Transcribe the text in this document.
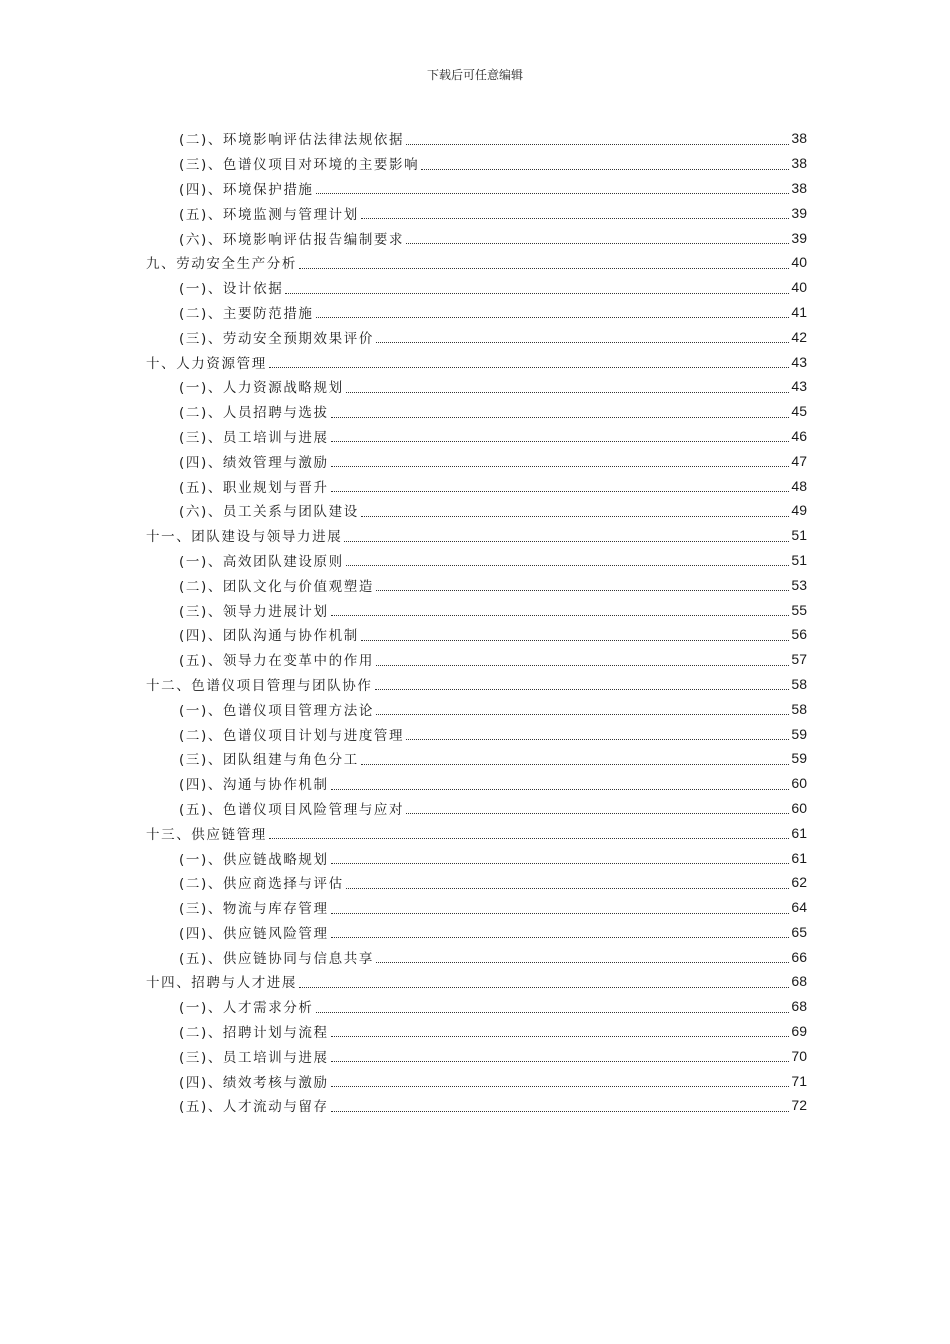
下载后可任意编辑
(二)、环境影响评估法律法规依据	38
(三)、色谱仪项目对环境的主要影响	38
(四)、环境保护措施	38
(五)、环境监测与管理计划	39
(六)、环境影响评估报告编制要求	39
九、劳动安全生产分析	40
(一)、设计依据	40
(二)、主要防范措施	41
(三)、劳动安全预期效果评价	42
十、人力资源管理	43
(一)、人力资源战略规划	43
(二)、人员招聘与选拔	45
(三)、员工培训与进展	46
(四)、绩效管理与激励	47
(五)、职业规划与晋升	48
(六)、员工关系与团队建设	49
十一、团队建设与领导力进展	51
(一)、高效团队建设原则	51
(二)、团队文化与价值观塑造	53
(三)、领导力进展计划	55
(四)、团队沟通与协作机制	56
(五)、领导力在变革中的作用	57
十二、色谱仪项目管理与团队协作	58
(一)、色谱仪项目管理方法论	58
(二)、色谱仪项目计划与进度管理	59
(三)、团队组建与角色分工	59
(四)、沟通与协作机制	60
(五)、色谱仪项目风险管理与应对	60
十三、供应链管理	61
(一)、供应链战略规划	61
(二)、供应商选择与评估	62
(三)、物流与库存管理	64
(四)、供应链风险管理	65
(五)、供应链协同与信息共享	66
十四、招聘与人才进展	68
(一)、人才需求分析	68
(二)、招聘计划与流程	69
(三)、员工培训与进展	70
(四)、绩效考核与激励	71
(五)、人才流动与留存	72
